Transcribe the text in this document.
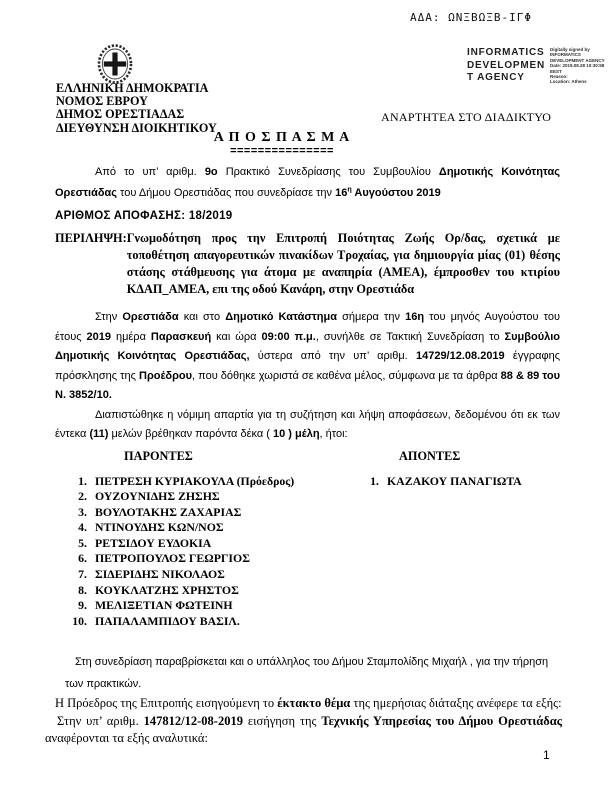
ΑΔΑ: ΩΝΞΒΩΞΒ-ΙΓΦ
INFORMATICS
DEVELOPMEN
T AGENCY
Digitally signed by
INFORMATICS
DEVELOPMENT AGENCY
Date: 2019.08.28 10:30:58
EEST
Reason:
Location: Athens
ΕΛΛΗΝΙΚΗ ΔΗΜΟΚΡΑΤΙΑ
ΝΟΜΟΣ ΕΒΡΟΥ
ΔΗΜΟΣ ΟΡΕΣΤΙΑΔΑΣ
ΔΙΕΥΘΥΝΣΗ ΔΙΟΙΚΗΤΙΚΟΥ
ΑΝΑΡΤΗΤΕΑ ΣΤΟ ΔΙΑΔΙΚΤΥΟ
Α Π Ο Σ Π Α Σ Μ Α
===============

Από το υπ’ αριθμ. 9ο Πρακτικό Συνεδρίασης του Συμβουλίου Δημοτικής Κοινότητας Ορεστιάδας του Δήμου Ορεστιάδας που συνεδρίασε την $16^\eta$ Αυγούστου 2019

ΑΡΙΘΜΟΣ ΑΠΟΦΑΣΗΣ: 18/2019
ΠΕΡΙΛΗΨΗ: Γνωμοδότηση προς την Επιτροπή Ποιότητας Ζωής Ορ/δας, σχετικά με τοποθέτηση απαγορευτικών πινακίδων Τροχαίας, για δημιουργία μίας (01) θέσης στάσης στάθμευσης για άτομα με αναπηρία (ΑΜΕΑ), έμπροσθεν του κτιρίου ΚΔΑΠ_ΑΜΕΑ, επι της οδού Κανάρη, στην Ορεστιάδα

Στην Ορεστιάδα και στο Δημοτικό Κατάστημα σήμερα την 16η του μηνός Αυγούστου του έτους 2019 ημέρα Παρασκευή και ώρα 09:00 π.μ., συνήλθε σε Τακτική Συνεδρίαση το Συμβούλιο Δημοτικής Κοινότητας Ορεστιάδας, ύστερα από την υπ’ αριθμ. 14729/12.08.2019 έγγραφης πρόσκλησης της Προέδρου, που δόθηκε χωριστά σε καθένα μέλος, σύμφωνα με τα άρθρα 88 & 89 του Ν. 3852/10.

Διαπιστώθηκε η νόμιμη απαρτία για τη συζήτηση και λήψη αποφάσεων, δεδομένου ότι εκ των έντεκα (11) μελών βρέθηκαν παρόντα δέκα ( 10 ) μέλη, ήτοι:

ΠΑΡΟΝΤΕΣ	ΑΠΟΝΤΕΣ
ΠΕΤΡΕΣΗ ΚΥΡΙΑΚΟΥΛΑ (Πρόεδρος)
ΟΥΖΟΥΝΙΔΗΣ ΖΗΣΗΣ
ΒΟΥΛΟΤΑΚΗΣ ΖΑΧΑΡΙΑΣ
ΝΤΙΝΟΥΔΗΣ ΚΩΝ/ΝΟΣ
ΡΕΤΣΙΔΟΥ ΕΥΔΟΚΙΑ
ΠΕΤΡΟΠΟΥΛΟΣ ΓΕΩΡΓΙΟΣ
ΣΙΔΕΡΙΔΗΣ ΝΙΚΟΛΑΟΣ
ΚΟΥΚΛΑΤΖΗΣ ΧΡΗΣΤΟΣ
ΜΕΛΙΞΕΤΙΑΝ ΦΩΤΕΙΝΗ
ΠΑΠΑΛΑΜΠΙΔΟΥ ΒΑΣΙΛ.
ΚΑΖΑΚΟΥ ΠΑΝΑΓΙΩΤΑ

Στη συνεδρίαση παραβρίσκεται και ο υπάλληλος του Δήμου Σταμπολίδης Μιχαήλ , για την τήρηση των πρακτικών.

Η Πρόεδρος της Επιτροπής εισηγούμενη το έκτακτο θέμα της ημερήσιας διάταξης ανέφερε τα εξής:

Στην υπ’ αριθμ. 147812/12-08-2019 εισήγηση της Τεχνικής Υπηρεσίας του Δήμου Ορεστιάδας αναφέρονται τα εξής αναλυτικά:

1
